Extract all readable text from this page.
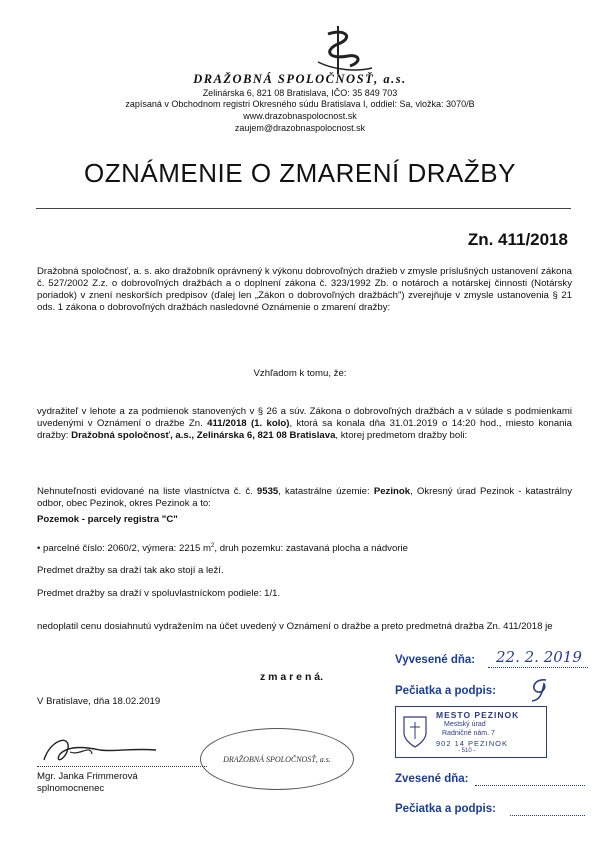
DRAŽOBNÁ SPOLOČNOSŤ, a.s.
Zelinárska 6, 821 08 Bratislava, IČO: 35 849 703
zapísaná v Obchodnom registri Okresného súdu Bratislava I, oddiel: Sa, vložka: 3070/B
www.drazobnaspolocnost.sk
zaujem@drazobnaspolocnost.sk
OZNÁMENIE O ZMARENÍ DRAŽBY
Zn. 411/2018
Dražobná spoločnosť, a. s. ako dražobník oprávnený k výkonu dobrovoľných dražieb v zmysle príslušných ustanovení zákona č. 527/2002 Z.z. o dobrovoľných dražbách a o doplnení zákona č. 323/1992 Zb. o notároch a notárskej činnosti (Notársky poriadok) v znení neskorších predpisov (ďalej len „Zákon o dobrovoľných dražbách") zverejňuje v zmysle ustanovenia § 21 ods. 1 zákona o dobrovoľných dražbách nasledovné Oznámenie o zmarení dražby:
Vzhľadom k tomu, že:
vydražiteľ v lehote a za podmienok stanovených v § 26 a súv. Zákona o dobrovoľných dražbách a v súlade s podmienkami uvedenými v Oznámení o dražbe Zn. 411/2018 (1. kolo), ktorá sa konala dňa 31.01.2019 o 14:20 hod., miesto konania dražby: Dražobná spoločnosť, a.s., Zelinárska 6, 821 08 Bratislava, ktorej predmetom dražby boli:
Nehnuteľnosti evidované na liste vlastníctva č. č. 9535, katastrálne územie: Pezinok, Okresný úrad Pezinok - katastrálny odbor, obec Pezinok, okres Pezinok a to:
Pozemok - parcely registra "C"
• parcelné číslo: 2060/2, výmera: 2215 $m^2$, druh pozemku: zastavaná plocha a nádvorie
Predmet dražby sa draží tak ako stojí a leží.
Predmet dražby sa draží v spoluvlastníckom podiele: 1/1.
nedoplatil cenu dosiahnutú vydražením na účet uvedený v Oznámení o dražbe a preto predmetná dražba Zn. 411/2018 je
z m a r e n á.
V Bratislave, dňa 18.02.2019
Mgr. Janka Frimmerová
splnomocnenec
DRAŽOBNÁ SPOLOČNOSŤ, a.s.
Vyvesené dňa: 22. 2. 2019
Pečiatka a podpis:
MESTO PEZINOK
Mestský úrad
Radničné nám. 7
902 14 PEZINOK
- 510 -
Zvesené dňa:
Pečiatka a podpis:
